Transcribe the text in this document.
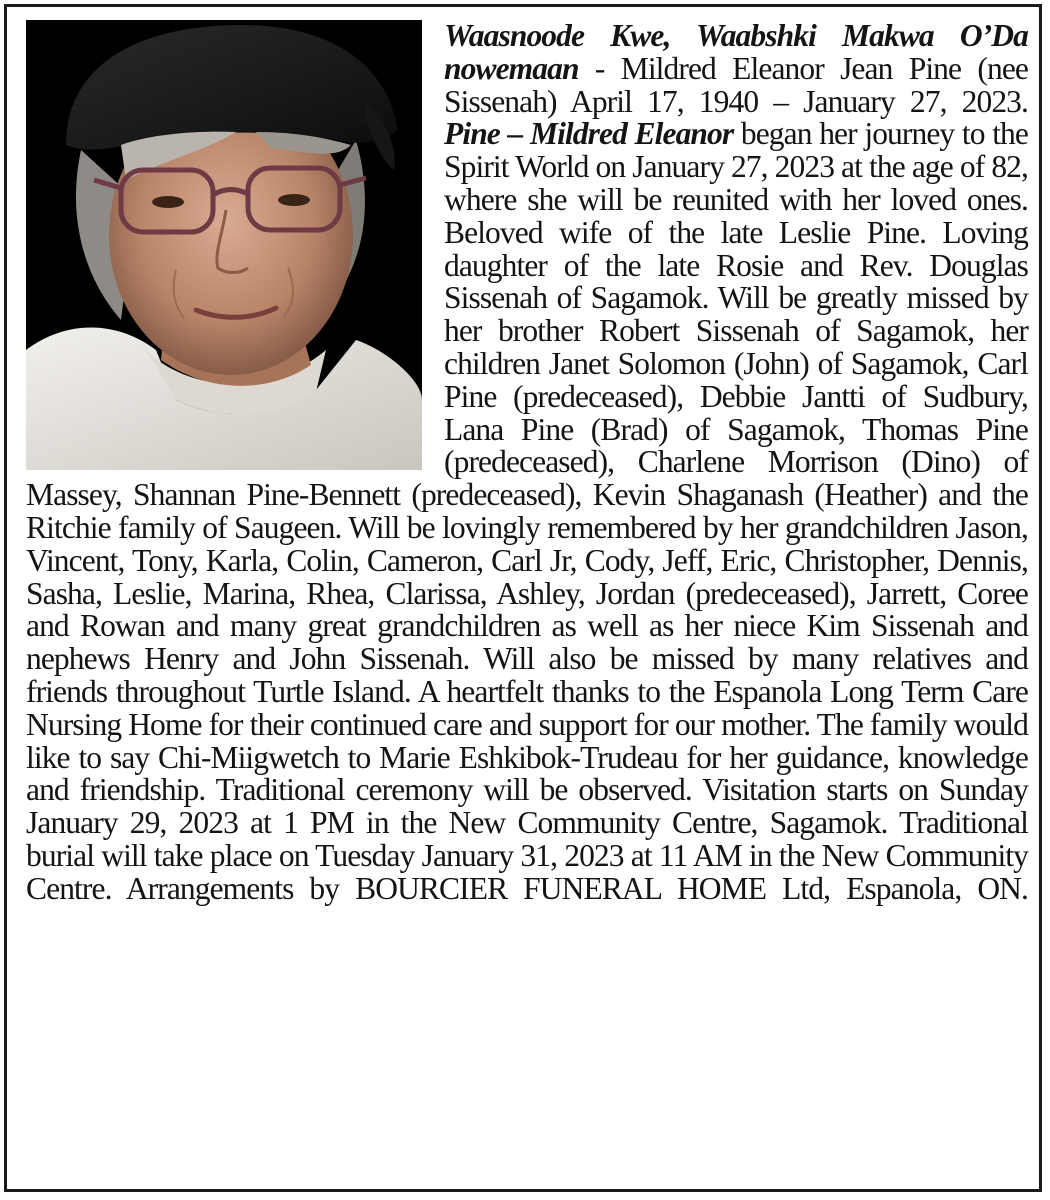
Waasnoode Kwe, Waabshki Makwa O’Da nowemaan - Mildred Eleanor Jean Pine (nee Sissenah) April 17, 1940 – January 27, 2023. Pine – Mildred Eleanor began her journey to the Spirit World on January 27, 2023 at the age of 82, where she will be reunited with her loved ones. Beloved wife of the late Leslie Pine. Loving daughter of the late Rosie and Rev. Douglas Sissenah of Sagamok. Will be greatly missed by her brother Robert Sissenah of Sagamok, her children Janet Solomon (John) of Sagamok, Carl Pine (predeceased), Debbie Jantti of Sudbury, Lana Pine (Brad) of Sagamok, Thomas Pine (predeceased), Charlene Morrison (Dino) of Massey, Shannan Pine-Bennett (predeceased), Kevin Shaganash (Heather) and the Ritchie family of Saugeen. Will be lovingly remembered by her grandchildren Jason, Vincent, Tony, Karla, Colin, Cameron, Carl Jr, Cody, Jeff, Eric, Christopher, Dennis, Sasha, Leslie, Marina, Rhea, Clarissa, Ashley, Jordan (predeceased), Jarrett, Coree and Rowan and many great grandchildren as well as her niece Kim Sissenah and nephews Henry and John Sissenah. Will also be missed by many relatives and friends throughout Turtle Island. A heartfelt thanks to the Espanola Long Term Care Nursing Home for their continued care and support for our mother. The family would like to say Chi-Miigwetch to Marie Eshkibok-Trudeau for her guidance, knowledge and friendship. Traditional ceremony will be observed. Visitation starts on Sunday January 29, 2023 at 1 PM in the New Community Centre, Sagamok. Traditional burial will take place on Tuesday January 31, 2023 at 11 AM in the New Community Centre. Arrangements by BOURCIER FUNERAL HOME Ltd, Espanola, ON.
